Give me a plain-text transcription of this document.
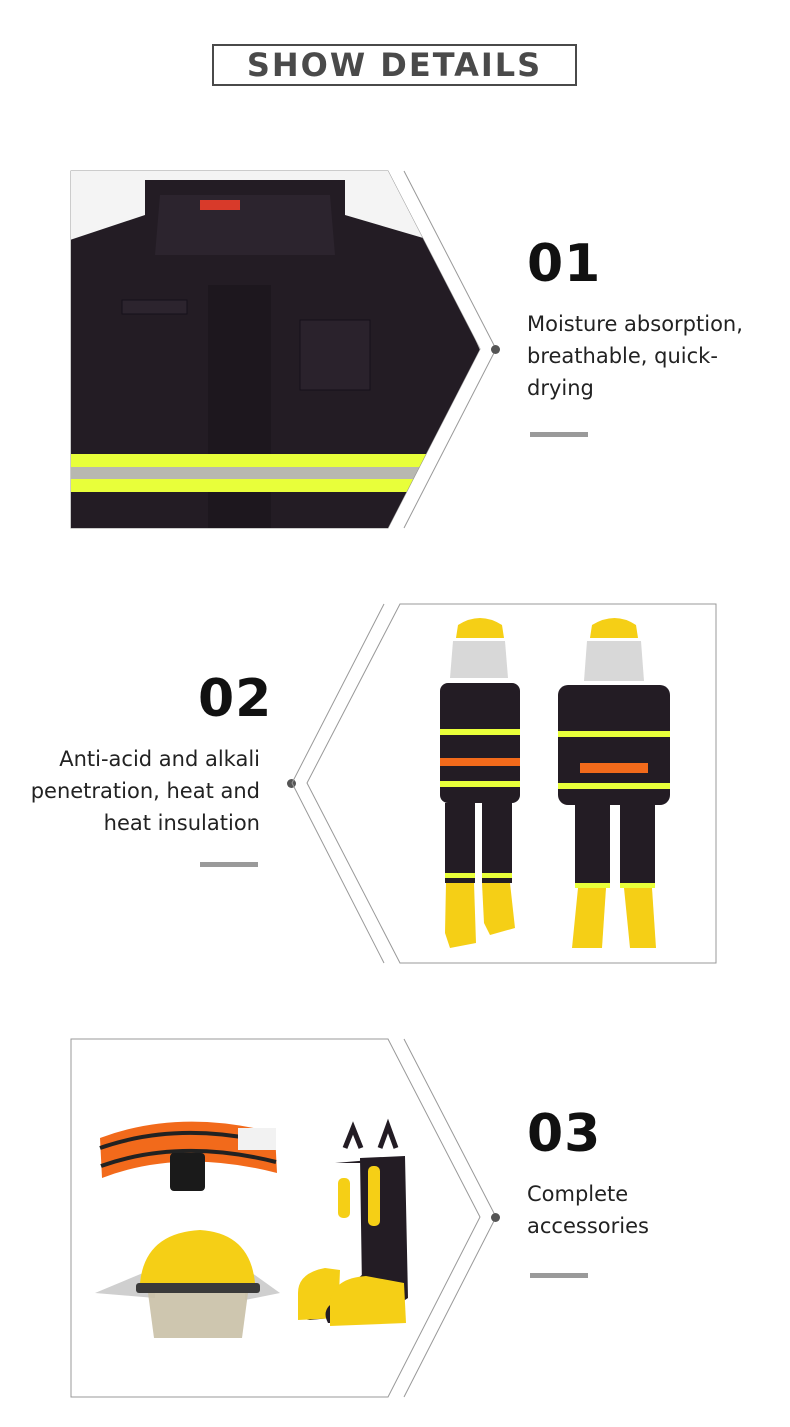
SHOW DETAILS
01
Moisture absorption, breathable, quick-drying
02
Anti-acid and alkali penetration, heat and heat insulation
03
Complete accessories
